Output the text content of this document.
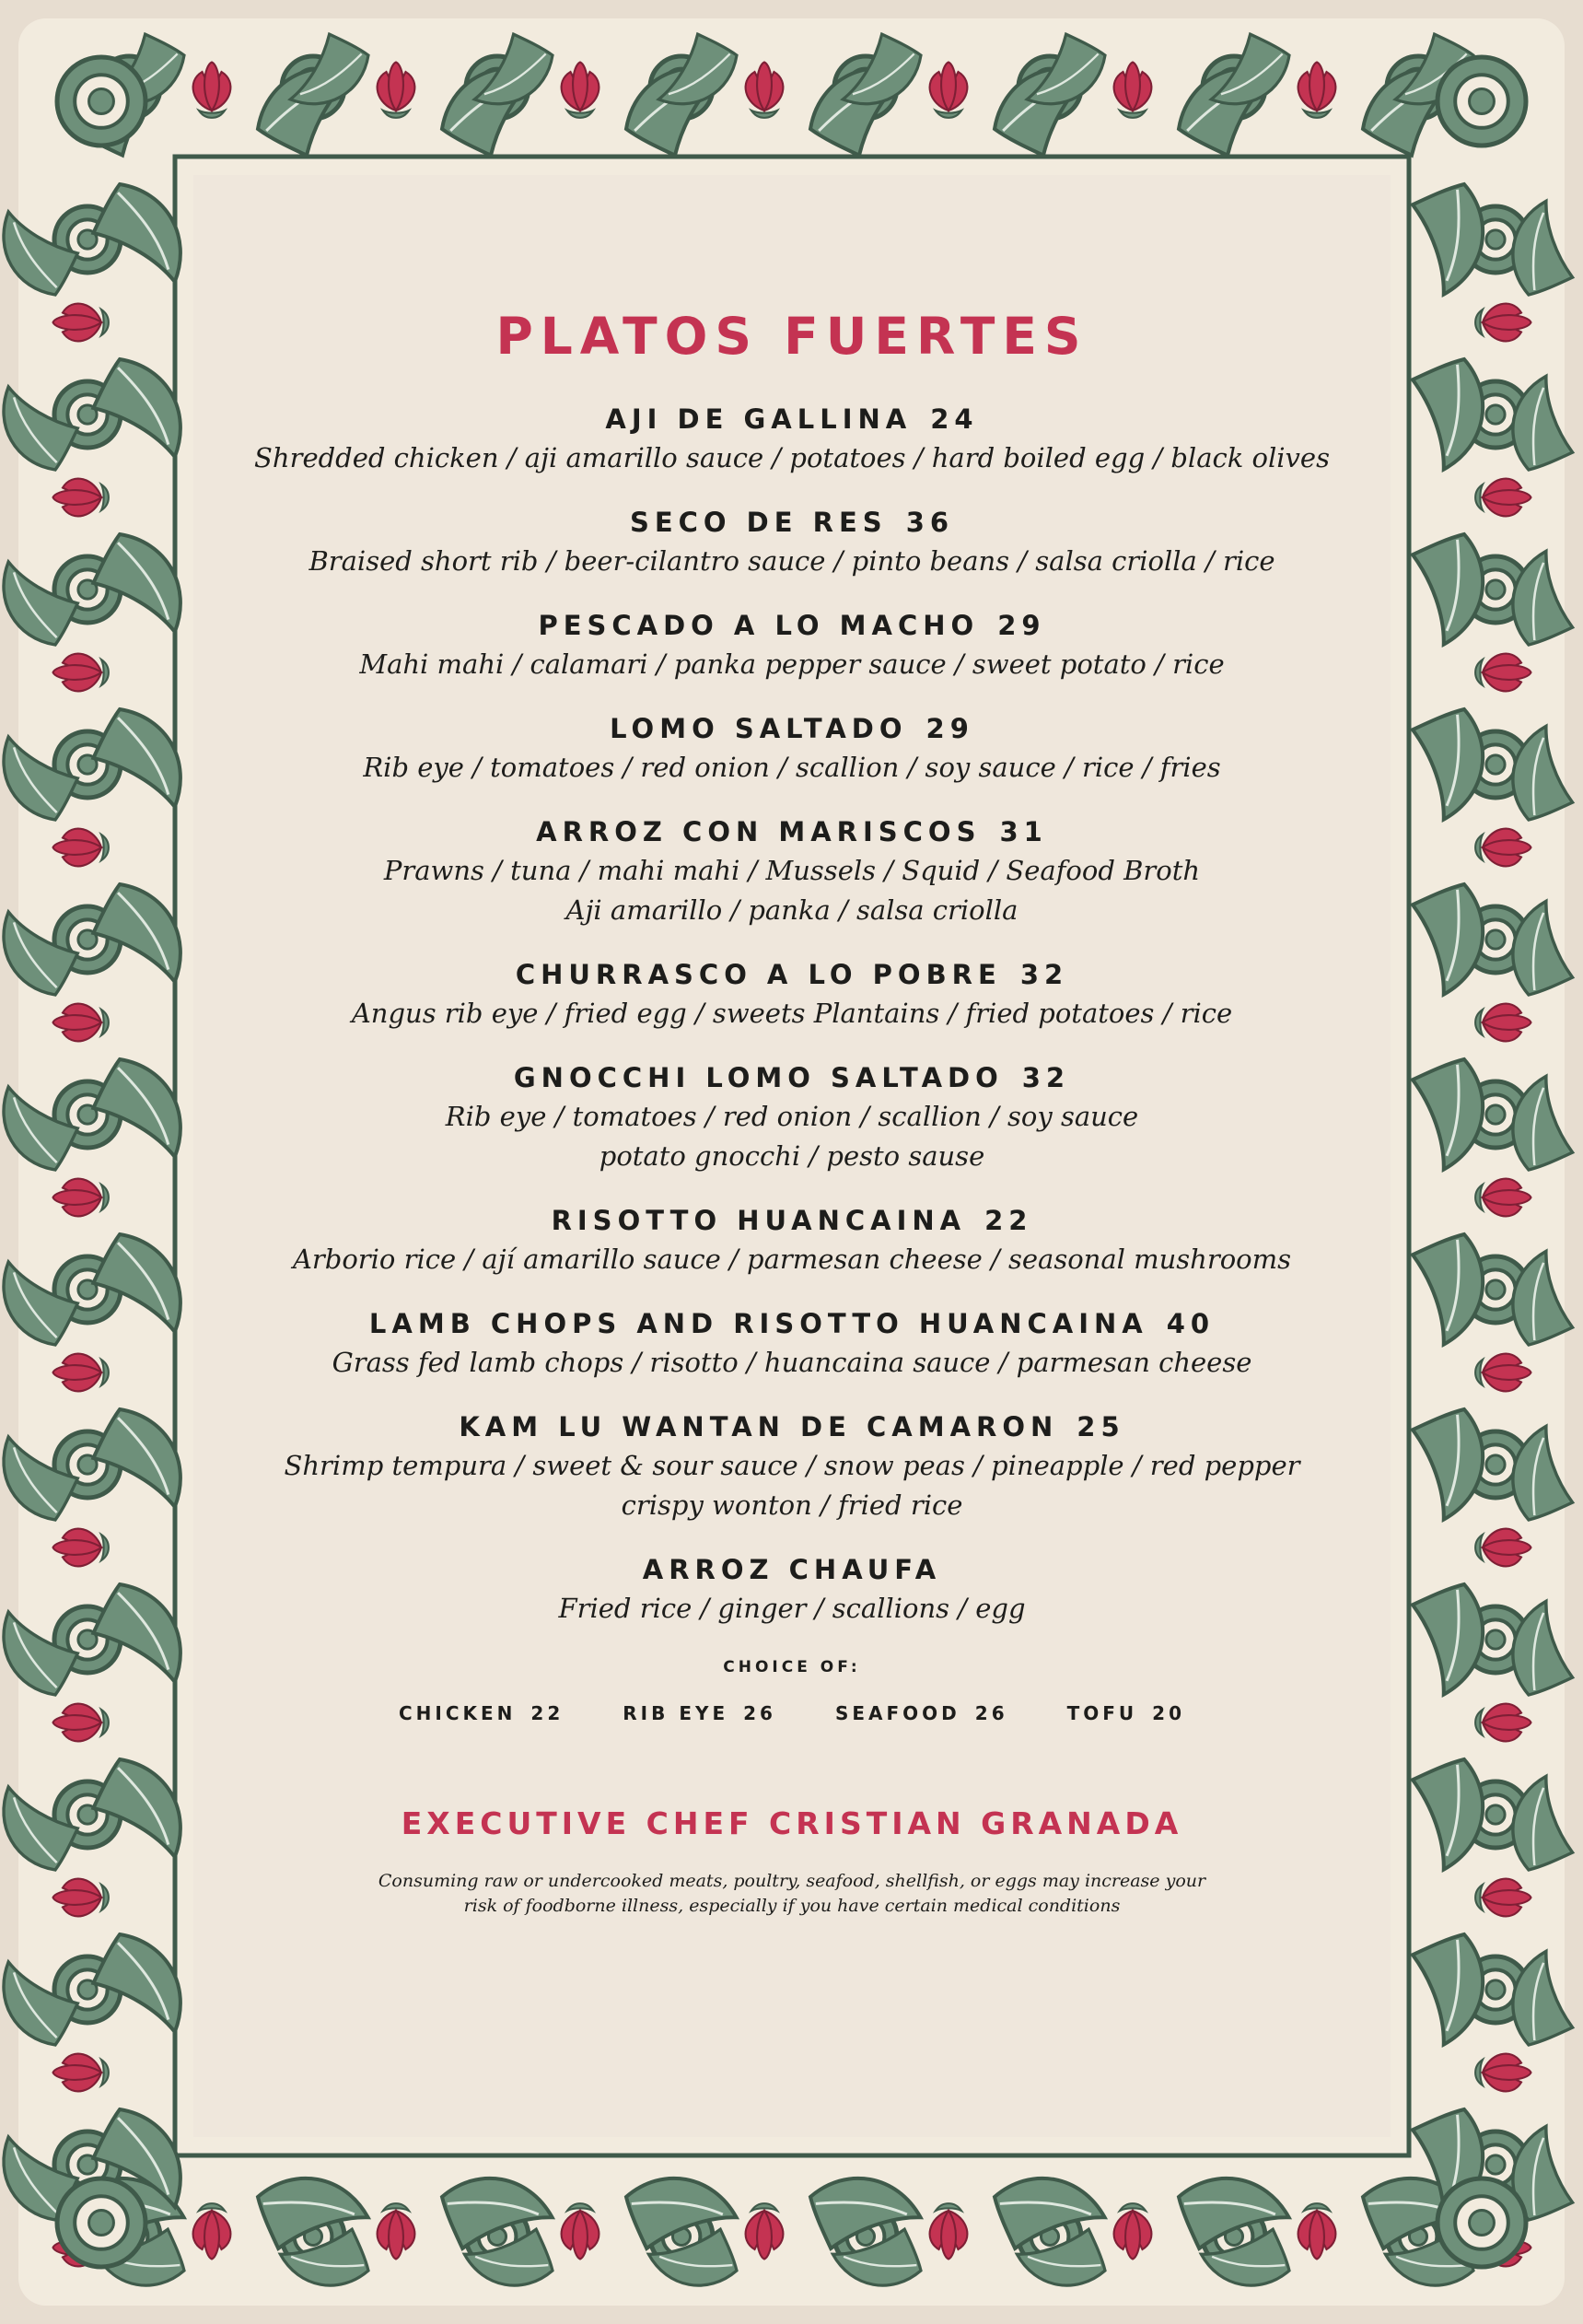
PLATOS FUERTES
AJI DE GALLINA 24
Shredded chicken / aji amarillo sauce / potatoes / hard boiled egg / black olives
SECO DE RES 36
Braised short rib / beer-cilantro sauce / pinto beans / salsa criolla / rice
PESCADO A LO MACHO 29
Mahi mahi / calamari / panka pepper sauce / sweet potato / rice
LOMO SALTADO 29
Rib eye / tomatoes / red onion / scallion / soy sauce / rice / fries
ARROZ CON MARISCOS 31
Prawns / tuna / mahi mahi / Mussels / Squid / Seafood Broth
Aji amarillo / panka / salsa criolla
CHURRASCO A LO POBRE 32
Angus rib eye / fried egg / sweets Plantains / fried potatoes / rice
GNOCCHI LOMO SALTADO 32
Rib eye / tomatoes / red onion / scallion / soy sauce
potato gnocchi / pesto sause
RISOTTO HUANCAINA 22
Arborio rice / ají amarillo sauce / parmesan cheese / seasonal mushrooms
LAMB CHOPS AND RISOTTO HUANCAINA 40
Grass fed lamb chops / risotto / huancaina sauce / parmesan cheese
KAM LU WANTAN DE CAMARON 25
Shrimp tempura / sweet & sour sauce / snow peas / pineapple / red pepper
crispy wonton / fried rice
ARROZ CHAUFA
Fried rice / ginger / scallions / egg
CHOICE OF:
CHICKEN 22	RIB EYE 26	SEAFOOD 26	TOFU 20
EXECUTIVE CHEF CRISTIAN GRANADA
Consuming raw or undercooked meats, poultry, seafood, shellfish, or eggs may increase your
risk of foodborne illness, especially if you have certain medical conditions
